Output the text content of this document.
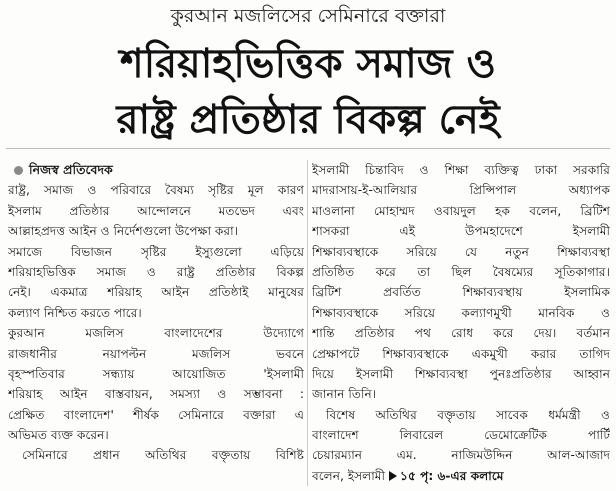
কুরআন মজলিসের সেমিনারে বক্তারা
শরিয়াহভিত্তিক সমাজ ও
রাষ্ট্র প্রতিষ্ঠার বিকল্প নেই
নিজস্ব প্রতিবেদক
রাষ্ট্র, সমাজ ও পরিবারে বৈষম্য সৃষ্টির মূল কারণ
ইসলাম প্রতিষ্ঠার আন্দোলনে মতভেদ এবং
আল্লাহপ্রদত্ত আইন ও নির্দেশগুলো উপেক্ষা করা।
সমাজে বিভাজন সৃষ্টির ইস্যুগুলো এড়িয়ে
শরিয়াহভিত্তিক সমাজ ও রাষ্ট্র প্রতিষ্ঠার বিকল্প
নেই। একমাত্র শরিয়াহ আইন প্রতিষ্ঠাই মানুষের
কল্যাণ নিশ্চিত করতে পারে।
কুরআন মজলিস বাংলাদেশের উদ্যোগে
রাজধানীর নয়াপল্টন মজলিস ভবনে
বৃহস্পতিবার সন্ধ্যায় আয়োজিত 'ইসলামী
শরিয়াহ আইন বাস্তবায়ন, সমস্যা ও সম্ভাবনা :
প্রেক্ষিত বাংলাদেশ' শীর্ষক সেমিনারে বক্তারা এ
অভিমত ব্যক্ত করেন।
সেমিনারে প্রধান অতিথির বক্তৃতায় বিশিষ্ট
ইসলামী চিন্তাবিদ ও শিক্ষা ব্যক্তিত্ব ঢাকা সরকারি
মাদরাসায়-ই-আলিয়ার প্রিন্সিপাল অধ্যাপক
মাওলানা মোহাম্মদ ওবায়দুল হক বলেন, ব্রিটিশ
শাসকরা এই উপমহাদেশে ইসলামী
শিক্ষাব্যবস্থাকে সরিয়ে যে নতুন শিক্ষাব্যবস্থা
প্রতিষ্ঠিত করে তা ছিল বৈষম্যের সূতিকাগার।
ব্রিটিশ প্রবর্তিত শিক্ষাব্যবস্থায় ইসলামিক
শিক্ষাব্যবস্থাকে সরিয়ে কল্যাণমুখী মানবিক ও
শান্তি প্রতিষ্ঠার পথ রোধ করে দেয়। বর্তমান
প্রেক্ষাপটে শিক্ষাব্যবস্থাকে একমুখী করার তাগিদ
দিয়ে ইসলামী শিক্ষাব্যবস্থা পুনঃপ্রতিষ্ঠার আহ্বান
জানান তিনি।
বিশেষ অতিথির বক্তৃতায় সাবেক ধর্মমন্ত্রী ও
বাংলাদেশ লিবারেল ডেমোক্রেটিক পার্টি
চেয়ারম্যান এম. নাজিমউদ্দিন আল-আজাদ
বলেন, ইসলামী ১৫ পৃ: ৬-এর কলামে
